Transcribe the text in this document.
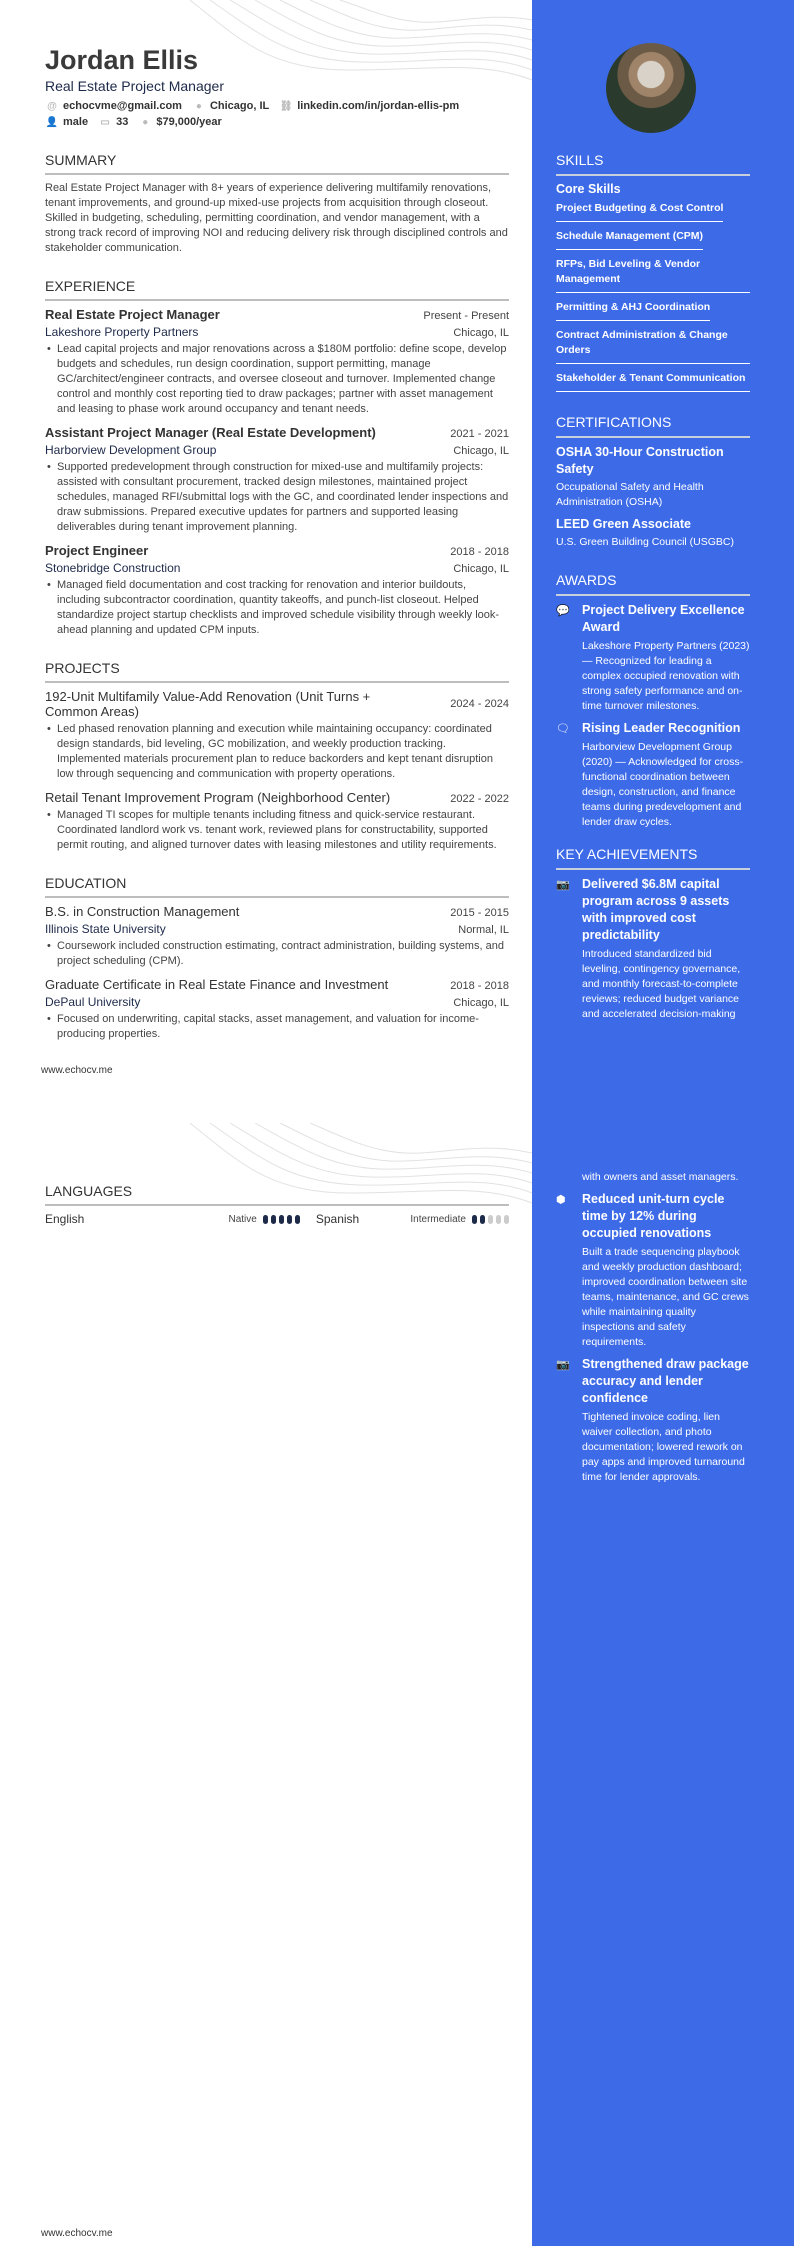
Jordan Ellis
Real Estate Project Manager
@ echocvme@gmail.com	● Chicago, IL ⛓ linkedin.com/in/jordan-ellis-pm
👤 male ▭ 33	● $79,000/year
SUMMARY
Real Estate Project Manager with 8+ years of experience delivering multifamily renovations, tenant improvements, and ground-up mixed-use projects from acquisition through closeout. Skilled in budgeting, scheduling, permitting coordination, and vendor management, with a strong track record of improving NOI and reducing delivery risk through disciplined controls and stakeholder communication.
EXPERIENCE
Real Estate Project Manager	Present - Present
Lakeshore Property Partners	Chicago, IL
• Lead capital projects and major renovations across a $180M portfolio: define scope, develop budgets and schedules, run design coordination, support permitting, manage GC/architect/engineer contracts, and oversee closeout and turnover. Implemented change control and monthly cost reporting tied to draw packages; partner with asset management and leasing to phase work around occupancy and tenant needs.
Assistant Project Manager (Real Estate Development)	2021 - 2021
Harborview Development Group	Chicago, IL
• Supported predevelopment through construction for mixed-use and multifamily projects: assisted with consultant procurement, tracked design milestones, maintained project schedules, managed RFI/submittal logs with the GC, and coordinated lender inspections and draw submissions. Prepared executive updates for partners and supported leasing deliverables during tenant improvement planning.
Project Engineer	2018 - 2018
Stonebridge Construction	Chicago, IL
• Managed field documentation and cost tracking for renovation and interior buildouts, including subcontractor coordination, quantity takeoffs, and punch-list closeout. Helped standardize project startup checklists and improved schedule visibility through weekly look-ahead planning and updated CPM inputs.
PROJECTS
192-Unit Multifamily Value-Add Renovation (Unit Turns + Common Areas)	2024 - 2024
• Led phased renovation planning and execution while maintaining occupancy: coordinated design standards, bid leveling, GC mobilization, and weekly production tracking. Implemented materials procurement plan to reduce backorders and kept tenant disruption low through sequencing and communication with property operations.
Retail Tenant Improvement Program (Neighborhood Center)	2022 - 2022
• Managed TI scopes for multiple tenants including fitness and quick-service restaurant. Coordinated landlord work vs. tenant work, reviewed plans for constructability, supported permit routing, and aligned turnover dates with leasing milestones and utility requirements.
EDUCATION
B.S. in Construction Management	2015 - 2015
Illinois State University	Normal, IL
• Coursework included construction estimating, contract administration, building systems, and project scheduling (CPM).
Graduate Certificate in Real Estate Finance and Investment	2018 - 2018
DePaul University	Chicago, IL
• Focused on underwriting, capital stacks, asset management, and valuation for income-producing properties.
www.echocv.me
SKILLS
Core Skills
Project Budgeting & Cost Control Schedule Management (CPM) RFPs, Bid Leveling & Vendor Management Permitting & AHJ Coordination Contract Administration & Change Orders Stakeholder & Tenant Communication
CERTIFICATIONS
OSHA 30-Hour Construction Safety
Occupational Safety and Health Administration (OSHA)
LEED Green Associate
U.S. Green Building Council (USGBC)
AWARDS
💬 Project Delivery Excellence Award
Lakeshore Property Partners (2023) — Recognized for leading a complex occupied renovation with strong safety performance and on-time turnover milestones.
🗨 Rising Leader Recognition
Harborview Development Group (2020) — Acknowledged for cross-functional coordination between design, construction, and finance teams during predevelopment and lender draw cycles.
KEY ACHIEVEMENTS
📷 Delivered $6.8M capital program across 9 assets with improved cost predictability
Introduced standardized bid leveling, contingency governance, and monthly forecast-to-complete reviews; reduced budget variance and accelerated decision-making
LANGUAGES
English	Native	Spanish	Intermediate
with owners and asset managers.
⬢	Reduced unit-turn cycle time by 12% during occupied renovations
Built a trade sequencing playbook and weekly production dashboard; improved coordination between site teams, maintenance, and GC crews while maintaining quality inspections and safety requirements.
📷 Strengthened draw package accuracy and lender confidence
Tightened invoice coding, lien waiver collection, and photo documentation; lowered rework on pay apps and improved turnaround time for lender approvals.
www.echocv.me
